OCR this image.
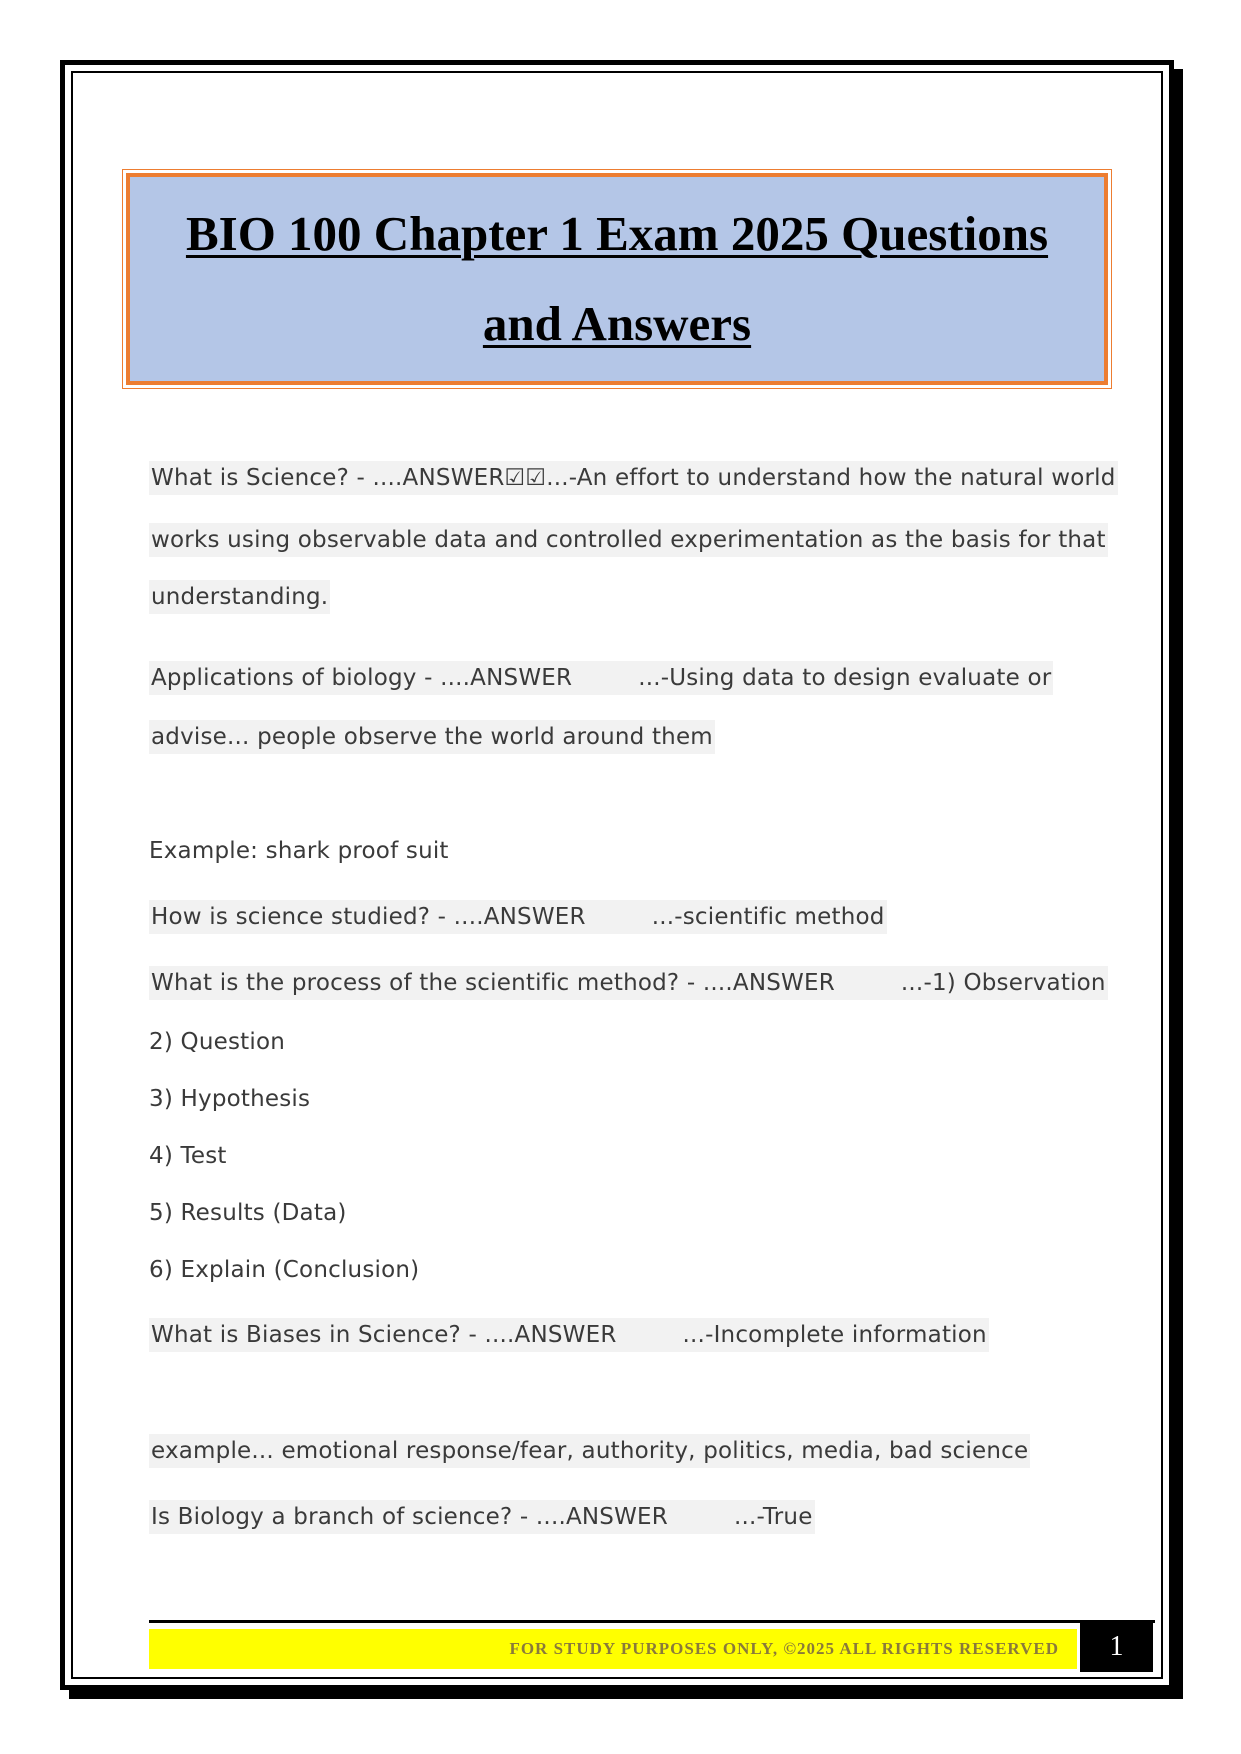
BIO 100 Chapter 1 Exam 2025 Questions
and Answers
What is Science? - ....ANSWER☑☑...-An effort to understand how the natural world
works using observable data and controlled experimentation as the basis for that
understanding.
Applications of biology - ....ANSWER	...-Using data to design evaluate or
advise... people observe the world around them
Example: shark proof suit
How is science studied? - ....ANSWER	...-scientific method
What is the process of the scientific method? - ....ANSWER	...-1) Observation
2) Question
3) Hypothesis
4) Test
5) Results (Data)
6) Explain (Conclusion)
What is Biases in Science? - ....ANSWER	...-Incomplete information
example... emotional response/fear, authority, politics, media, bad science
Is Biology a branch of science? - ....ANSWER	...-True
FOR STUDY PURPOSES ONLY, ©2025 ALL RIGHTS RESERVED	1
